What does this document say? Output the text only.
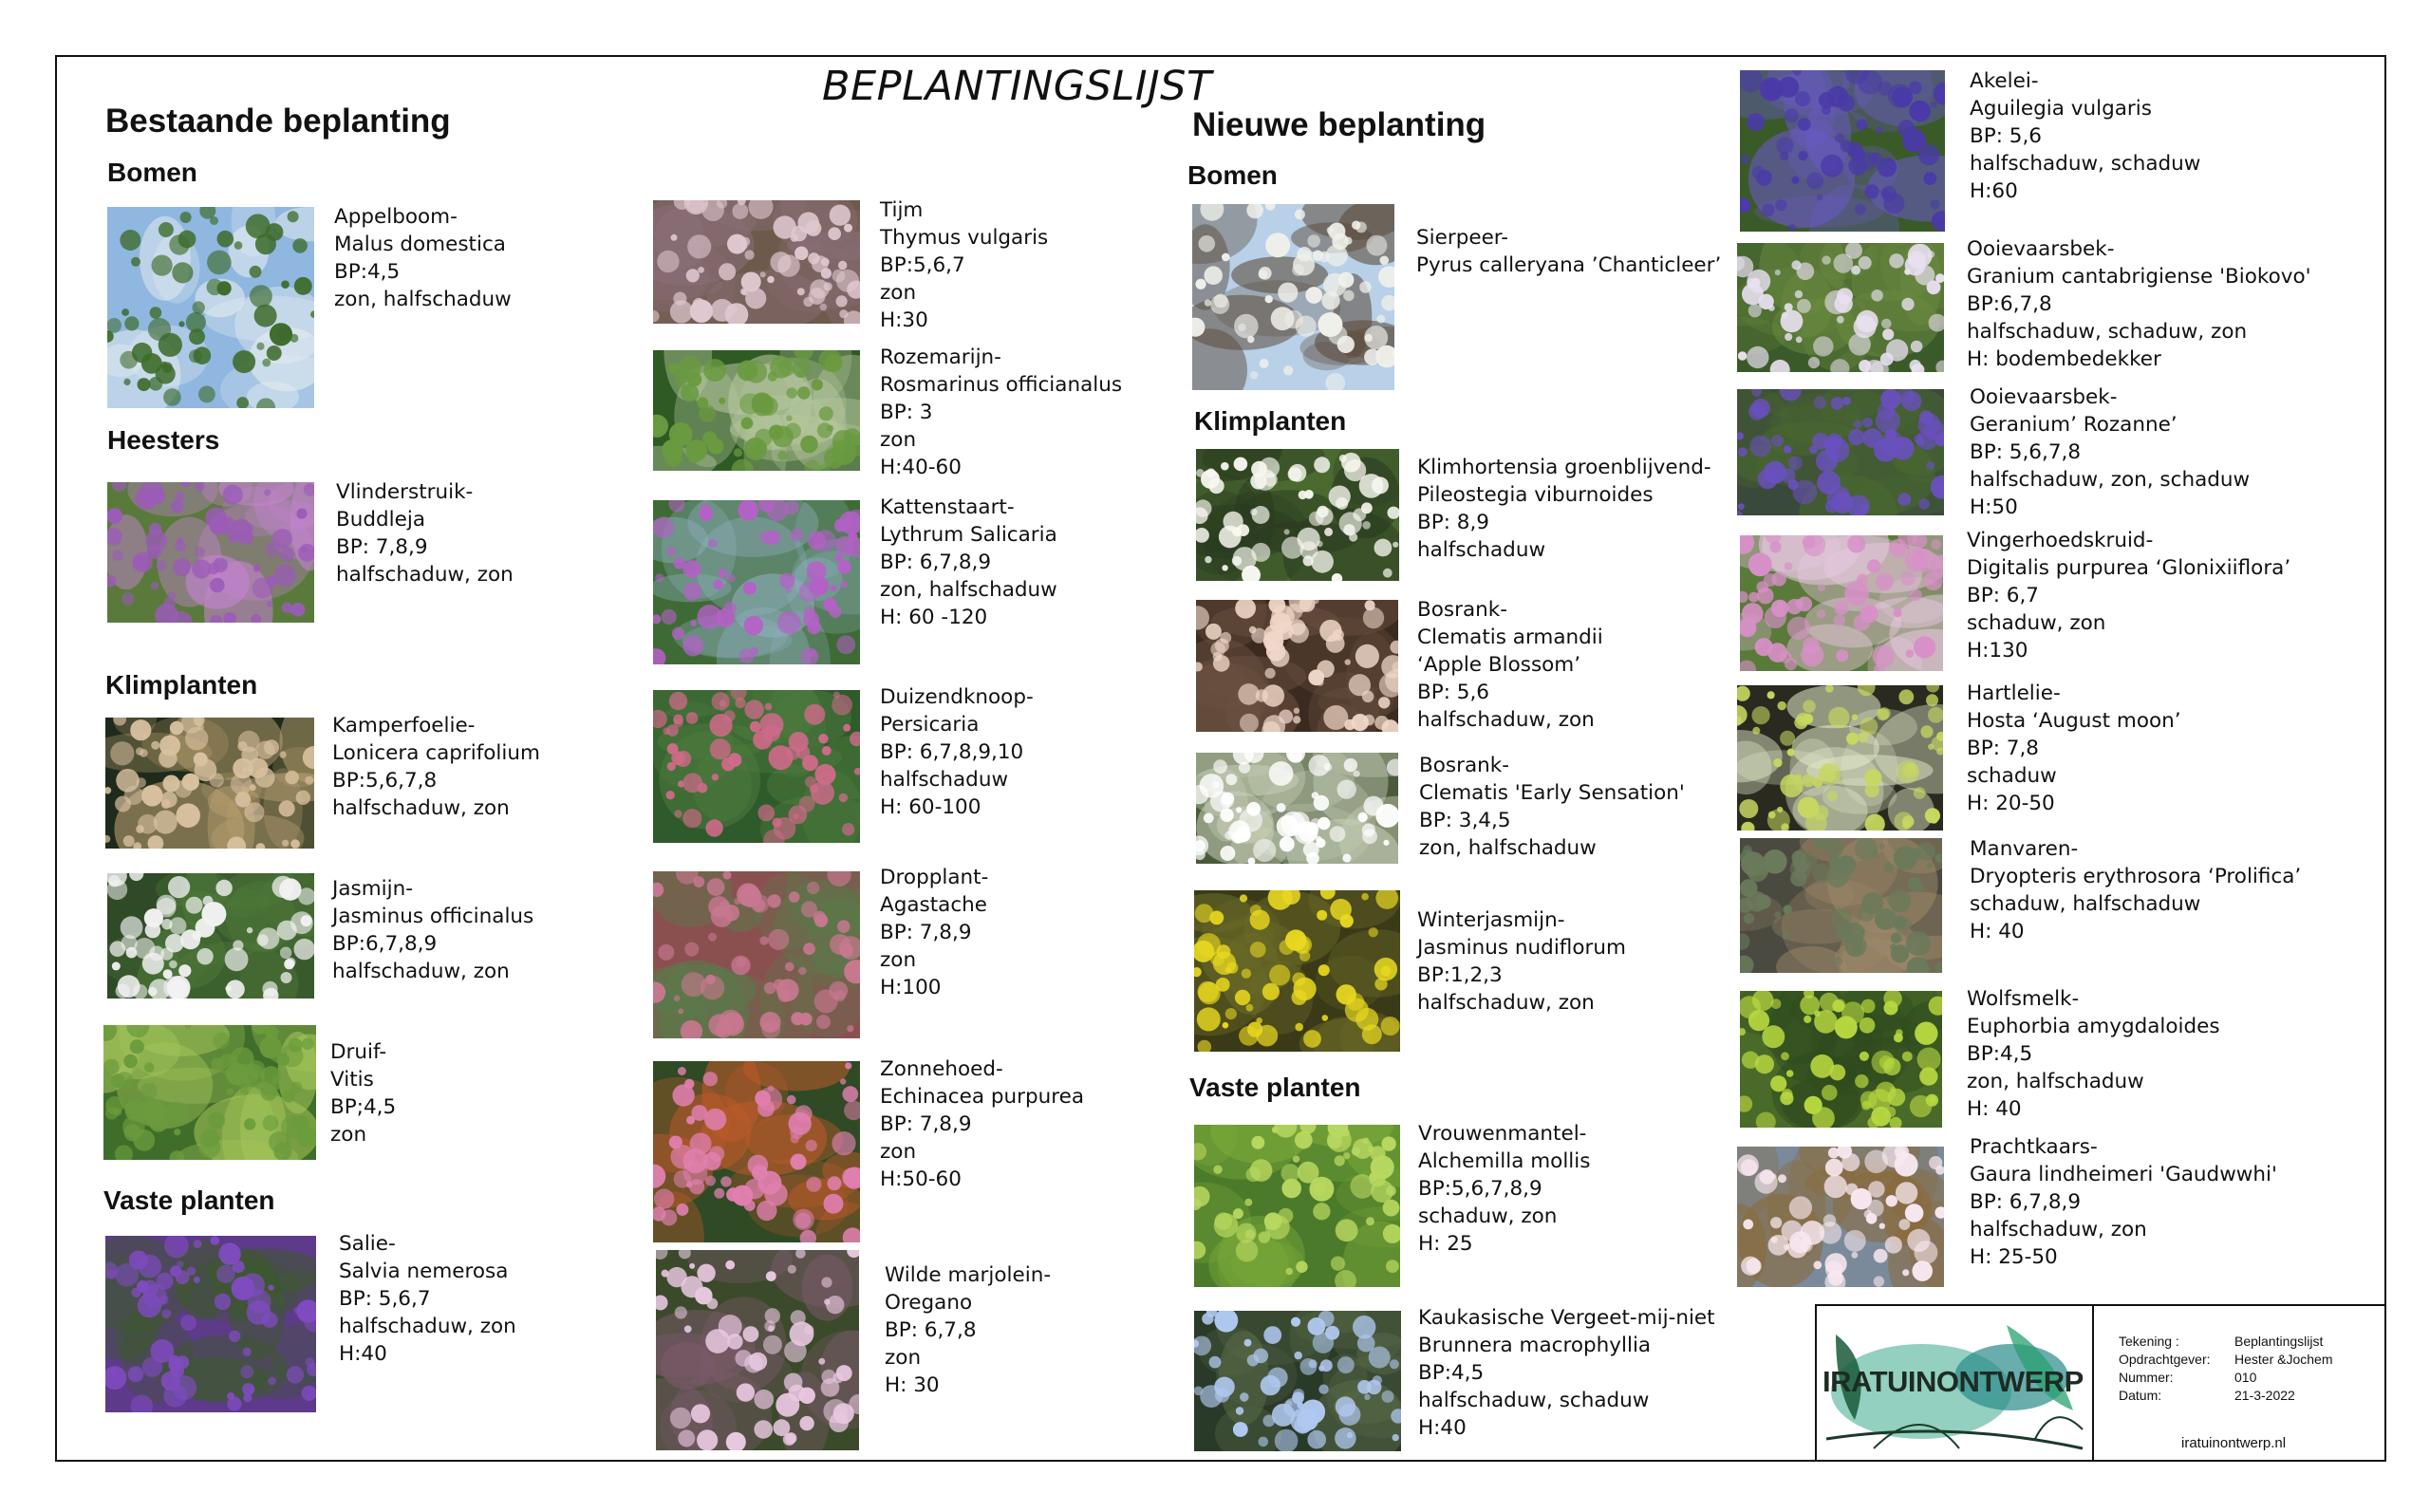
BEPLANTINGSLIJST
Bestaande beplanting	Nieuwe beplanting
Bomen
Heesters
Klimplanten
Vaste planten
Bomen
Klimplanten
Vaste planten
Appelboom-
Malus domestica
BP:4,5
zon, halfschaduw
Vlinderstruik-
Buddleja
BP: 7,8,9
halfschaduw, zon
Kamperfoelie-
Lonicera caprifolium
BP:5,6,7,8
halfschaduw, zon
Jasmijn-
Jasminus officinalus
BP:6,7,8,9
halfschaduw, zon
Druif-
Vitis
BP;4,5
zon
Salie-
Salvia nemerosa
BP: 5,6,7
halfschaduw, zon
H:40
Tijm
Thymus vulgaris
BP:5,6,7
zon
H:30
Rozemarijn-
Rosmarinus officianalus
BP: 3
zon
H:40-60
Kattenstaart-
Lythrum Salicaria
BP: 6,7,8,9
zon, halfschaduw
H: 60 -120
Duizendknoop-
Persicaria
BP: 6,7,8,9,10
halfschaduw
H: 60-100
Dropplant-
Agastache
BP: 7,8,9
zon
H:100
Zonnehoed-
Echinacea purpurea
BP: 7,8,9
zon
H:50-60
Wilde marjolein-
Oregano
BP: 6,7,8
zon
H: 30
Sierpeer-
Pyrus calleryana ’Chanticleer’
Klimhortensia groenblijvend-
Pileostegia viburnoides
BP: 8,9
halfschaduw
Bosrank-
Clematis armandii
‘Apple Blossom’
BP: 5,6
halfschaduw, zon
Bosrank-
Clematis 'Early Sensation'
BP: 3,4,5
zon, halfschaduw
Winterjasmijn-
Jasminus nudiflorum
BP:1,2,3
halfschaduw, zon
Vrouwenmantel-
Alchemilla mollis
BP:5,6,7,8,9
schaduw, zon
H: 25
Kaukasische Vergeet-mij-niet
Brunnera macrophyllia
BP:4,5
halfschaduw, schaduw
H:40
Akelei-
Aguilegia vulgaris
BP: 5,6
halfschaduw, schaduw
H:60
Ooievaarsbek-
Granium cantabrigiense 'Biokovo'
BP:6,7,8
halfschaduw, schaduw, zon
H: bodembedekker
Ooievaarsbek-
Geranium’ Rozanne’
BP: 5,6,7,8
halfschaduw, zon, schaduw
H:50
Vingerhoedskruid-
Digitalis purpurea ‘Glonixiiflora’
BP: 6,7
schaduw, zon
H:130
Hartlelie-
Hosta ‘August moon’
BP: 7,8
schaduw
H: 20-50
Manvaren-
Dryopteris erythrosora ‘Prolifica’
schaduw, halfschaduw
H: 40
Wolfsmelk-
Euphorbia amygdaloides
BP:4,5
zon, halfschaduw
H: 40
Prachtkaars-
Gaura lindheimeri 'Gaudwwhi'
BP: 6,7,8,9
halfschaduw, zon
H: 25-50
IRATUINONTWERP
Tekening :	Beplantingslijst
Opdrachtgever:	Hester &Jochem
Nummer:	010
Datum:	21-3-2022
iratuinontwerp.nl
